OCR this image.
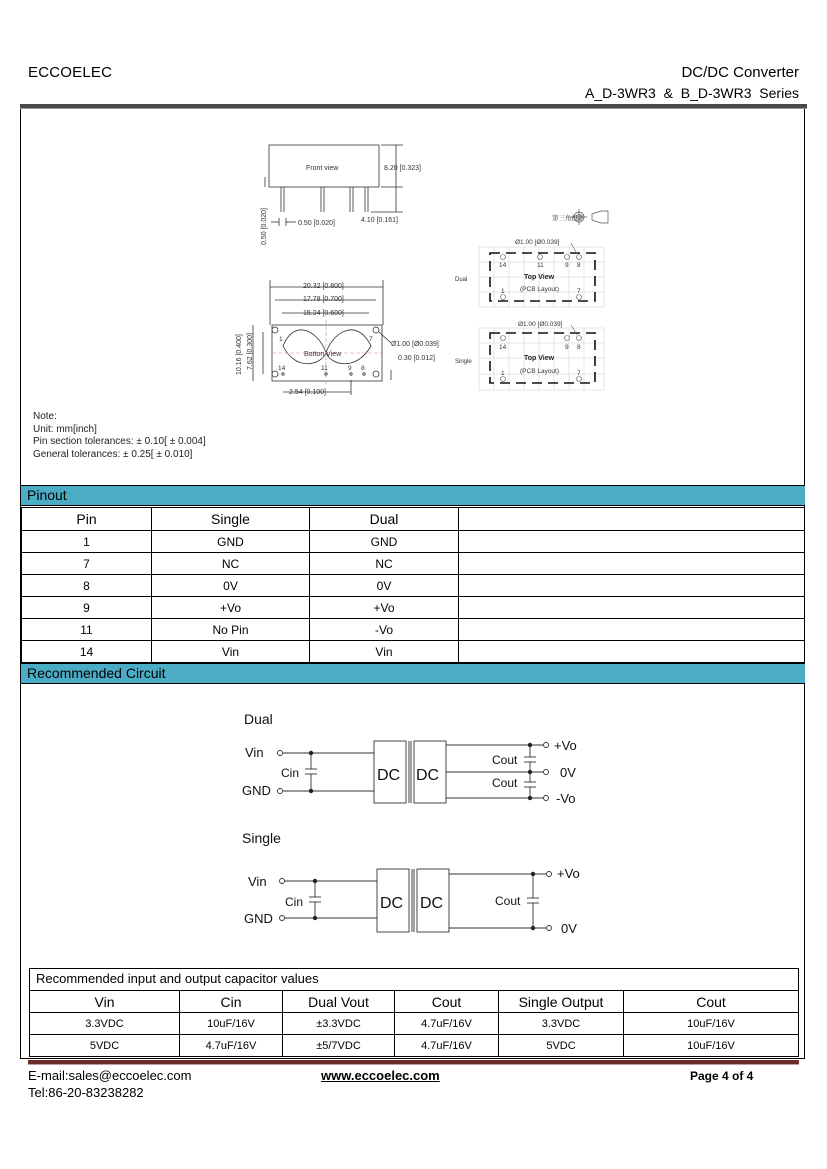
ECCOELEC	DC/DC Converter
A_D-3WR3  &  B_D-3WR3  Series
Front view	8.20 [0.323]
4.10 [0.161]
0.50 [0.020]
0.50 [0.020]
Botton View
20.32 [0.800]
17.78 [0.700]
15.24 [0.600]
10.16 [0.400] 7.62 [0.300]	Ø1.00 [Ø0.039]
0.30 [0.012]
2.54 [0.100]
1	7
14	11	9 8
第三角投影
Dual
Ø1.00 [Ø0.039]
Top View
(PCB Layout)
14	11	9 8
1	7
Single
Ø1.00 [Ø0.039]
Top View
(PCB Layout)
14	9 8
1	7
Note:
Unit: mm[inch]
Pin section tolerances: ± 0.10[ ± 0.004]
General tolerances: ± 0.25[ ± 0.010]
Pinout
Pin	Single	Dual	
1	GND	GND	
7	NC	NC	
8	0V	0V	
9	+Vo	+Vo	
11	No Pin	-Vo	
14	Vin	Vin	
Recommended Circuit
Dual
Vin
GND
Cin	DC DC
Cout
Cout
+Vo
0V
-Vo
Single
Vin
GND
Cin	DC DC	Cout
+Vo
0V
Recommended input and output capacitor values
Vin	Cin	Dual Vout	Cout	Single Output	Cout
3.3VDC	10uF/16V	±3.3VDC	4.7uF/16V	3.3VDC	10uF/16V
5VDC	4.7uF/16V	±5/7VDC	4.7uF/16V	5VDC	10uF/16V
E-mail:sales@eccoelec.com
Tel:86-20-83238282
www.eccoelec.com	Page 4 of 4
